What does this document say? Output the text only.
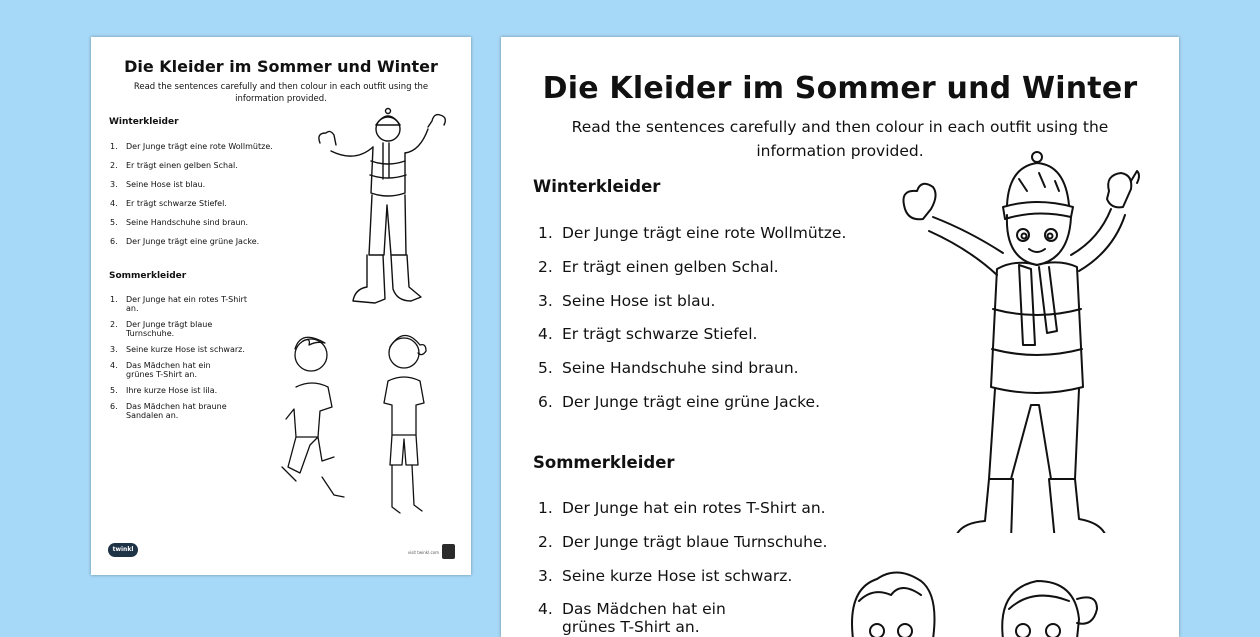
Die Kleider im Sommer und Winter
Read the sentences carefully and then colour in each outfit using the information provided.
Winterkleider
1.	Der Junge trägt eine rote Wollmütze.
2.	Er trägt einen gelben Schal.
3.	Seine Hose ist blau.
4.	Er trägt schwarze Stiefel.
5.	Seine Handschuhe sind braun.
6.	Der Junge trägt eine grüne Jacke.
Sommerkleider
1.	Der Junge hat ein rotes T-Shirt an.
2.	Der Junge trägt blaue Turnschuhe.
3.	Seine kurze Hose ist schwarz.
4.	Das Mädchen hat ein grünes T-Shirt an.
5.	Ihre kurze Hose ist lila.
6.	Das Mädchen hat braune Sandalen an.
twinkl	visit twinkl.com
Die Kleider im Sommer und Winter
Read the sentences carefully and then colour in each outfit using the information provided.
Winterkleider
1. Der Junge trägt eine rote Wollmütze.
2. Er trägt einen gelben Schal.
3. Seine Hose ist blau.
4. Er trägt schwarze Stiefel.
5. Seine Handschuhe sind braun.
6. Der Junge trägt eine grüne Jacke.
Sommerkleider
1. Der Junge hat ein rotes T-Shirt an.
2. Der Junge trägt blaue Turnschuhe.
3. Seine kurze Hose ist schwarz.
4. Das Mädchen hat ein grünes T-Shirt an.
